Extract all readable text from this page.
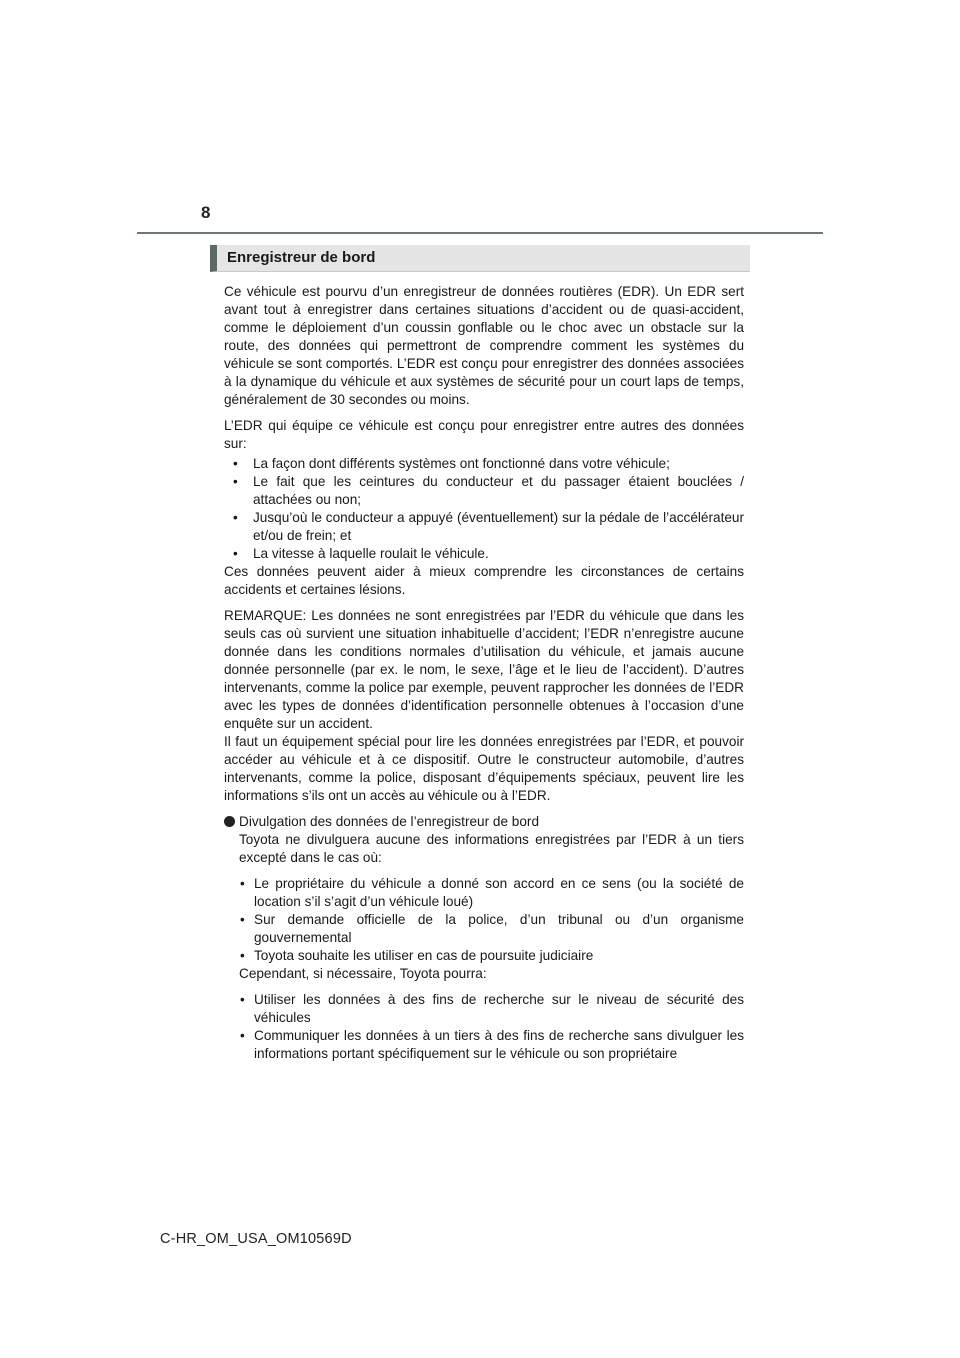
8
Enregistreur de bord

Ce véhicule est pourvu d’un enregistreur de données routières (EDR). Un EDR sert avant tout à enregistrer dans certaines situations d’accident ou de quasi-accident, comme le déploiement d’un coussin gonflable ou le choc avec un obstacle sur la route, des données qui permettront de comprendre comment les systèmes du véhicule se sont comportés. L’EDR est conçu pour enregistrer des données associées à la dynamique du véhicule et aux systèmes de sécurité pour un court laps de temps, généralement de 30 secondes ou moins.

L’EDR qui équipe ce véhicule est conçu pour enregistrer entre autres des données sur:

• La façon dont différents systèmes ont fonctionné dans votre véhicule;
• Le fait que les ceintures du conducteur et du passager étaient bouclées / attachées ou non;
• Jusqu’où le conducteur a appuyé (éventuellement) sur la pédale de l’accélérateur et/ou de frein; et
• La vitesse à laquelle roulait le véhicule.

Ces données peuvent aider à mieux comprendre les circonstances de certains accidents et certaines lésions.

REMARQUE: Les données ne sont enregistrées par l’EDR du véhicule que dans les seuls cas où survient une situation inhabituelle d’accident; l’EDR n’enregistre aucune donnée dans les conditions normales d’utilisation du véhicule, et jamais aucune donnée personnelle (par ex. le nom, le sexe, l’âge et le lieu de l’accident). D’autres intervenants, comme la police par exemple, peuvent rapprocher les données de l’EDR avec les types de données d’identification personnelle obtenues à l’occasion d’une enquête sur un accident.

Il faut un équipement spécial pour lire les données enregistrées par l’EDR, et pouvoir accéder au véhicule et à ce dispositif. Outre le constructeur automobile, d’autres intervenants, comme la police, disposant d’équipements spéciaux, peuvent lire les informations s’ils ont un accès au véhicule ou à l’EDR.

Divulgation des données de l’enregistreur de bord

Toyota ne divulguera aucune des informations enregistrées par l’EDR à un tiers excepté dans le cas où:

• Le propriétaire du véhicule a donné son accord en ce sens (ou la société de location s’il s’agit d’un véhicule loué)
• Sur demande officielle de la police, d’un tribunal ou d’un organisme gouvernemental
• Toyota souhaite les utiliser en cas de poursuite judiciaire

Cependant, si nécessaire, Toyota pourra:

• Utiliser les données à des fins de recherche sur le niveau de sécurité des véhicules
• Communiquer les données à un tiers à des fins de recherche sans divulguer les informations portant spécifiquement sur le véhicule ou son propriétaire
C-HR_OM_USA_OM10569D
